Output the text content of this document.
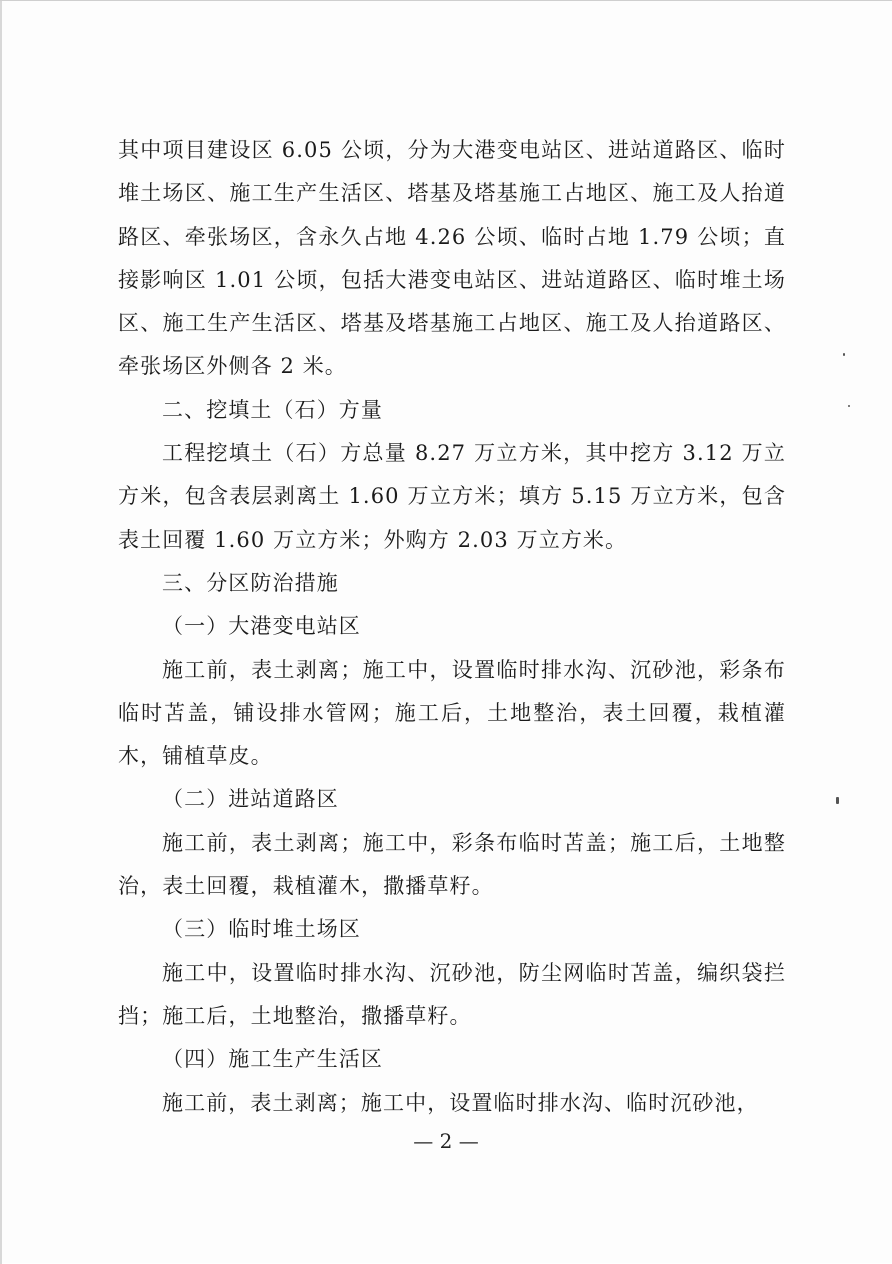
其中项目建设区 6.05 公顷，分为大港变电站区、进站道路区、临时堆土场区、施工生产生活区、塔基及塔基施工占地区、施工及人抬道路区、牵张场区，含永久占地 4.26 公顷、临时占地 1.79 公顷；直接影响区 1.01 公顷，包括大港变电站区、进站道路区、临时堆土场区、施工生产生活区、塔基及塔基施工占地区、施工及人抬道路区、牵张场区外侧各 2 米。

二、挖填土（石）方量

工程挖填土（石）方总量 8.27 万立方米，其中挖方 3.12 万立方米，包含表层剥离土 1.60 万立方米；填方 5.15 万立方米，包含表土回覆 1.60 万立方米；外购方 2.03 万立方米。

三、分区防治措施

（一）大港变电站区

施工前，表土剥离；施工中，设置临时排水沟、沉砂池，彩条布临时苫盖，铺设排水管网；施工后，土地整治，表土回覆，栽植灌木，铺植草皮。

（二）进站道路区

施工前，表土剥离；施工中，彩条布临时苫盖；施工后，土地整治，表土回覆，栽植灌木，撒播草籽。

（三）临时堆土场区

施工中，设置临时排水沟、沉砂池，防尘网临时苫盖，编织袋拦挡；施工后，土地整治，撒播草籽。

（四）施工生产生活区

施工前，表土剥离；施工中，设置临时排水沟、临时沉砂池，

— 2 —
